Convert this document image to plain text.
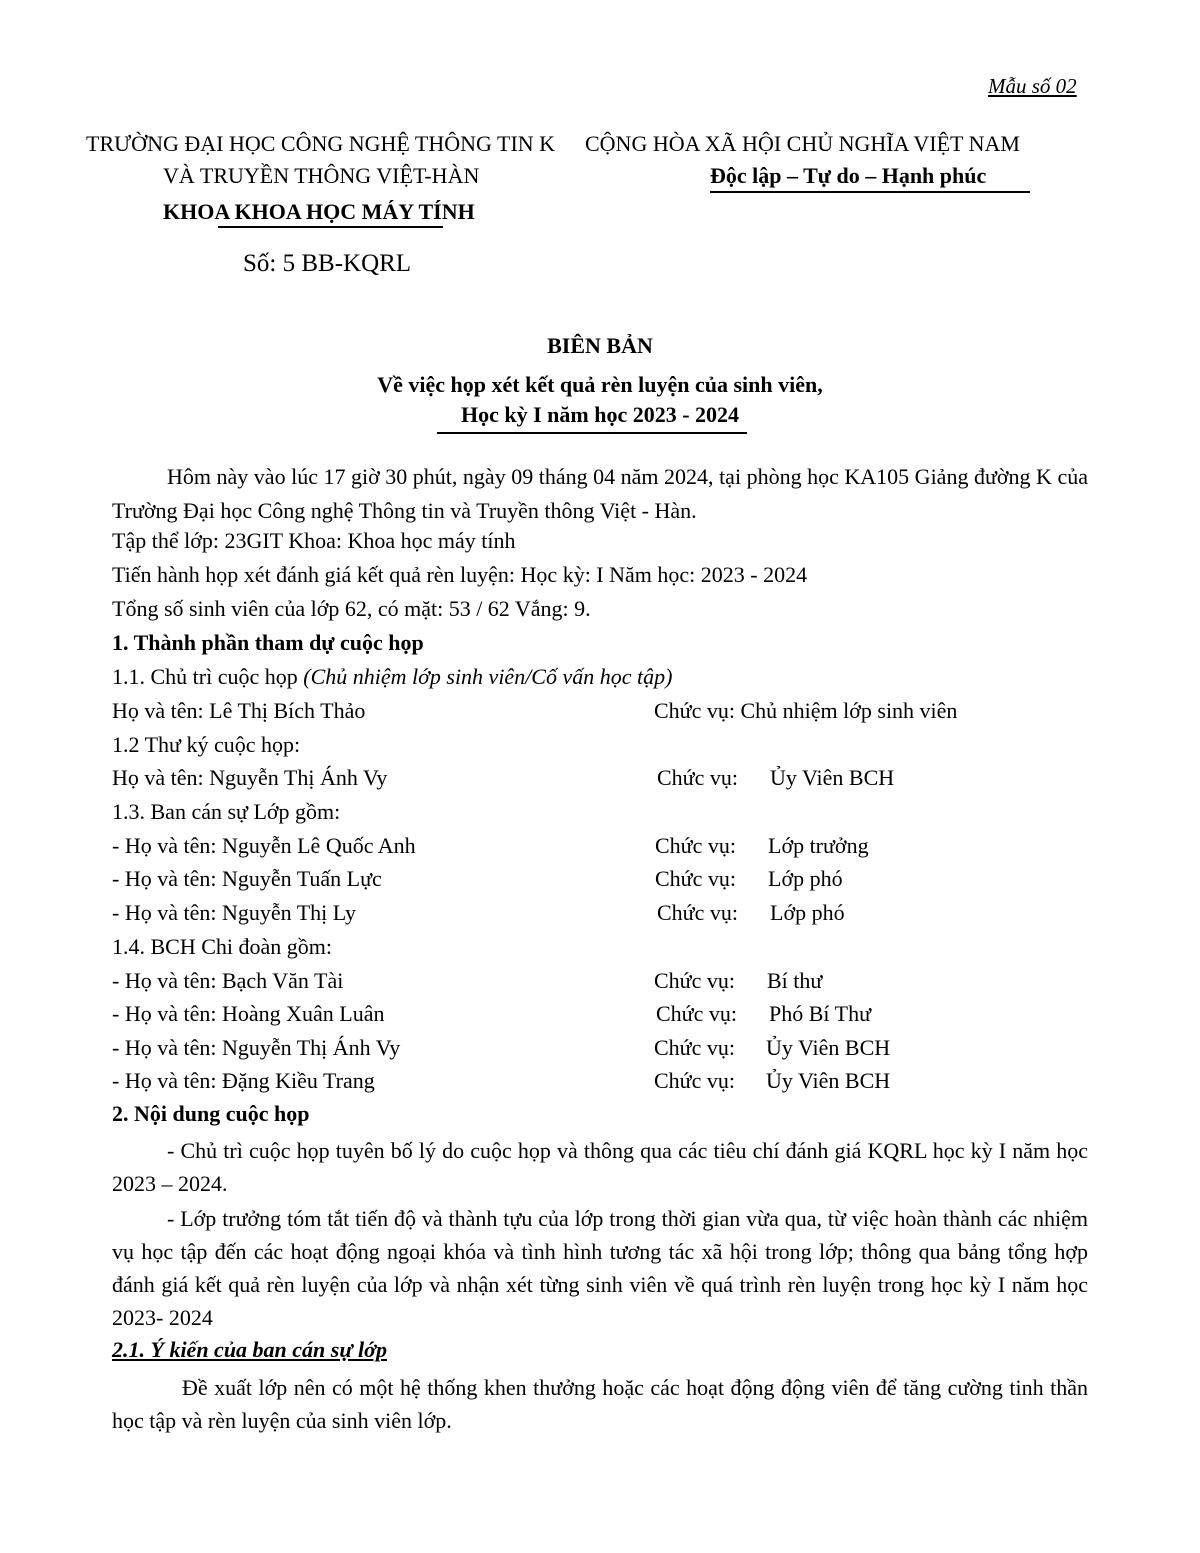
Mẫu số 02
TRƯỜNG ĐẠI HỌC CÔNG NGHỆ THÔNG TIN K CỘNG HÒA XÃ HỘI CHỦ NGHĨA VIỆT NAM
VÀ TRUYỀN THÔNG VIỆT-HÀN	Độc lập – Tự do – Hạnh phúc
KHOA KHOA HỌC MÁY TÍNH
Số: 5 BB-KQRL
BIÊN BẢN
Về việc họp xét kết quả rèn luyện của sinh viên,
Học kỳ I năm học 2023 - 2024
Hôm này vào lúc 17 giờ 30 phút, ngày 09 tháng 04 năm 2024, tại phòng học KA105 Giảng đường K của Trường Đại học Công nghệ Thông tin và Truyền thông Việt - Hàn.
Tập thể lớp: 23GIT Khoa: Khoa học máy tính
Tiến hành họp xét đánh giá kết quả rèn luyện: Học kỳ: I Năm học: 2023 - 2024
Tổng số sinh viên của lớp 62, có mặt: 53 / 62 Vắng: 9.
1. Thành phần tham dự cuộc họp
1.1. Chủ trì cuộc họp (Chủ nhiệm lớp sinh viên/Cố vấn học tập)
Họ và tên: Lê Thị Bích Thảo	Chức vụ: Chủ nhiệm lớp sinh viên
1.2 Thư ký cuộc họp:
Họ và tên: Nguyễn Thị Ánh Vy	Chức vụ: Ủy Viên BCH
1.3. Ban cán sự Lớp gồm:
- Họ và tên: Nguyễn Lê Quốc Anh	Chức vụ: Lớp trưởng
- Họ và tên: Nguyễn Tuấn Lực	Chức vụ: Lớp phó
- Họ và tên: Nguyễn Thị Ly	Chức vụ: Lớp phó
1.4. BCH Chi đoàn gồm:
- Họ và tên: Bạch Văn Tài	Chức vụ: Bí thư
- Họ và tên: Hoàng Xuân Luân	Chức vụ: Phó Bí Thư
- Họ và tên: Nguyễn Thị Ánh Vy	Chức vụ: Ủy Viên BCH
- Họ và tên: Đặng Kiều Trang	Chức vụ: Ủy Viên BCH
2. Nội dung cuộc họp
- Chủ trì cuộc họp tuyên bố lý do cuộc họp và thông qua các tiêu chí đánh giá KQRL học kỳ I năm học 2023 – 2024.
- Lớp trưởng tóm tắt tiến độ và thành tựu của lớp trong thời gian vừa qua, từ việc hoàn thành các nhiệm vụ học tập đến các hoạt động ngoại khóa và tình hình tương tác xã hội trong lớp; thông qua bảng tổng hợp đánh giá kết quả rèn luyện của lớp và nhận xét từng sinh viên về quá trình rèn luyện trong học kỳ I năm học 2023- 2024
2.1. Ý kiến của ban cán sự lớp
Đề xuất lớp nên có một hệ thống khen thưởng hoặc các hoạt động động viên để tăng cường tinh thần học tập và rèn luyện của sinh viên lớp.
